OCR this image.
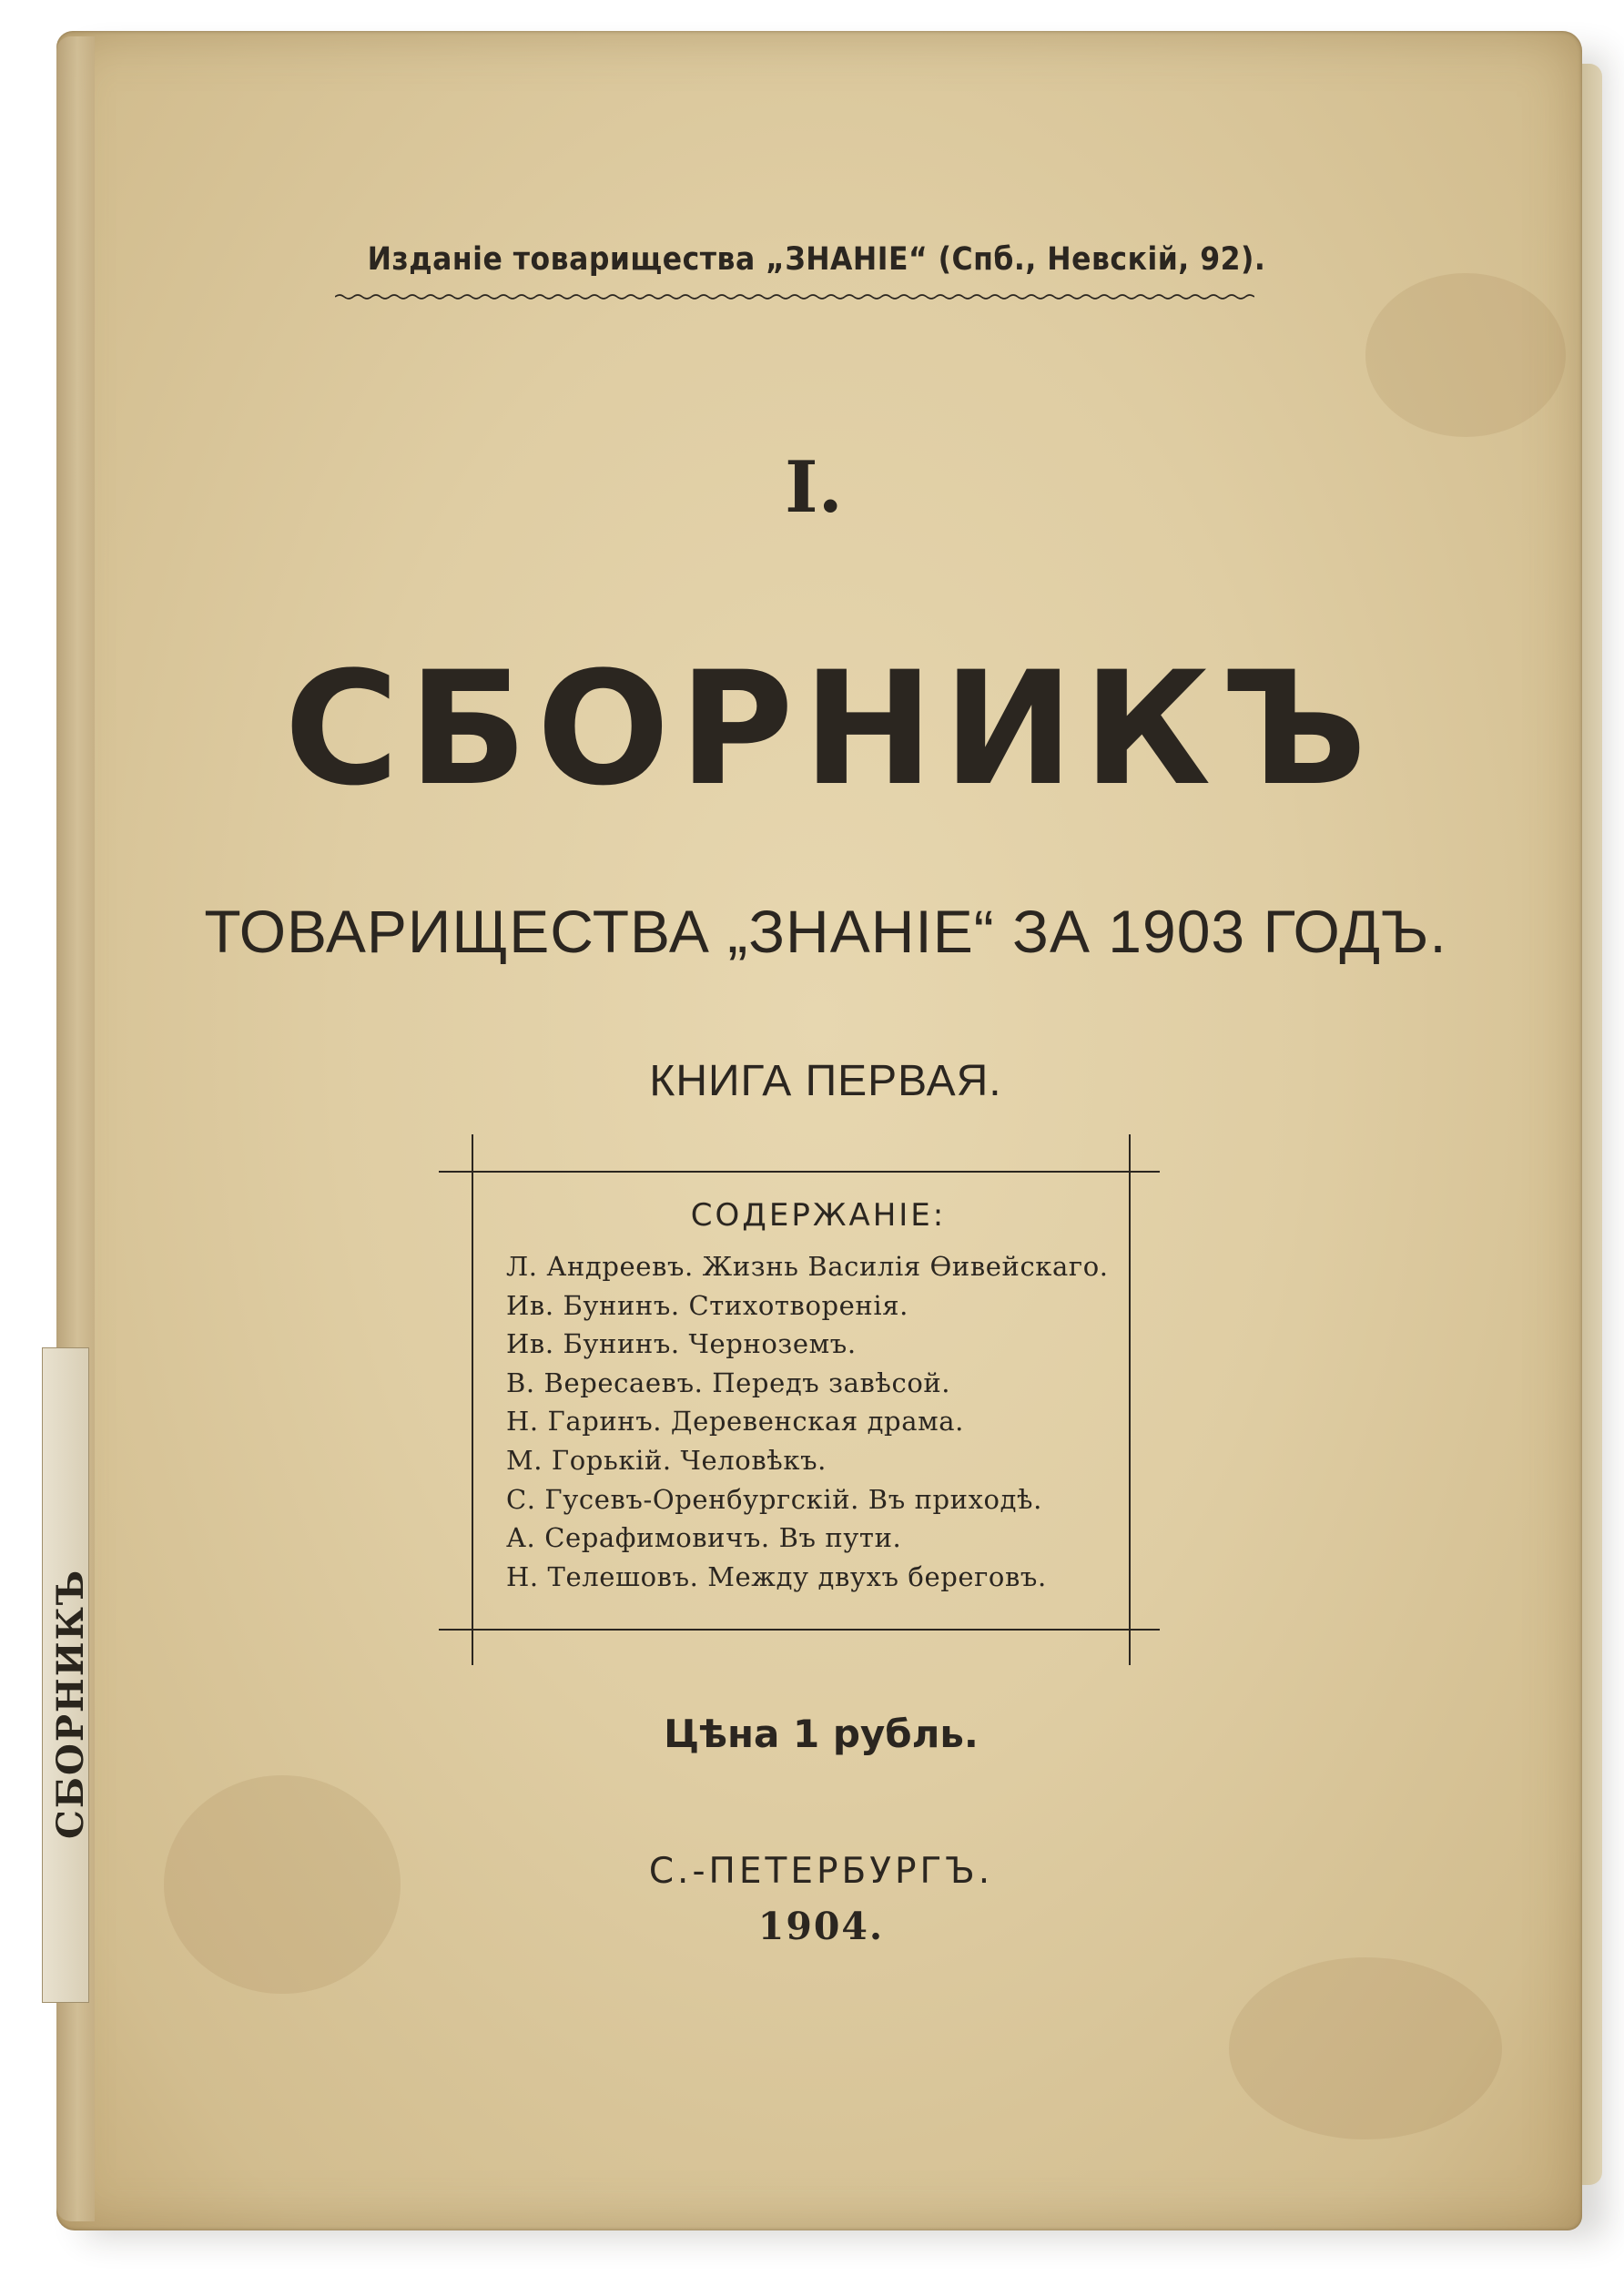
СБОРНИКЪ
Изданіе товарищества „ЗНАНІЕ“ (Спб., Невскій, 92).
I.
СБОРНИКЪ
ТОВАРИЩЕСТВА „ЗНАНІЕ“ ЗА 1903 ГОДЪ.
КНИГА ПЕРВАЯ.
СОДЕРЖАНІЕ:
Л. Андреевъ. Жизнь Василія Ѳивейскаго.
Ив. Бунинъ. Стихотворенія.
Ив. Бунинъ. Черноземъ.
В. Вересаевъ. Передъ завѣсой.
Н. Гаринъ. Деревенская драма.
М. Горькій. Человѣкъ.
С. Гусевъ-Оренбургскій. Въ приходѣ.
А. Серафимовичъ. Въ пути.
Н. Телешовъ. Между двухъ береговъ.
Цѣна 1 рубль.
С.-ПЕТЕРБУРГЪ.
1904.
